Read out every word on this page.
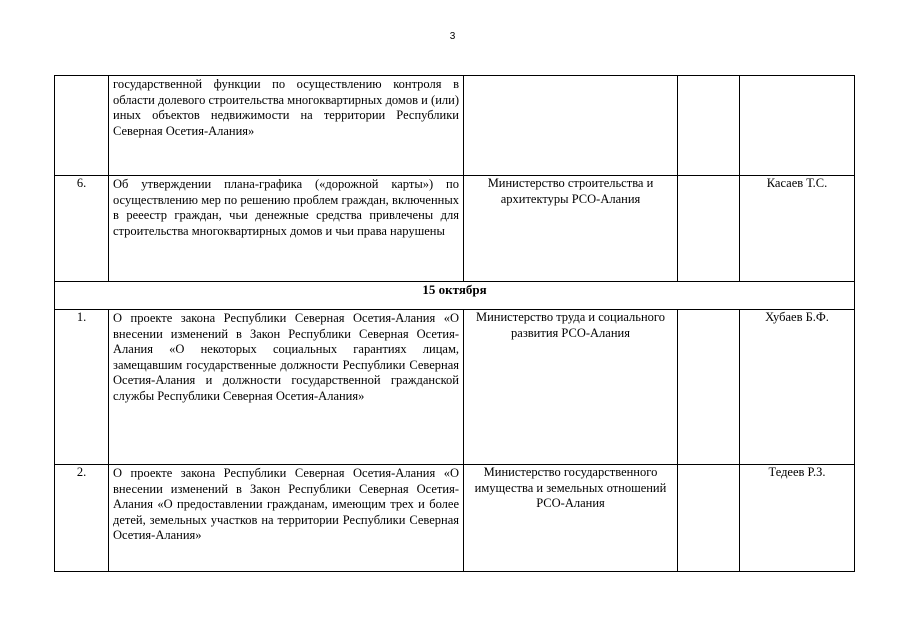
3

	государственной функции по осуществлению контроля в области долевого строительства многоквартирных домов и (или) иных объектов недвижимости на территории Республики Северная Осетия-Алания»			

6.	Об утверждении плана-графика («дорожной карты») по осуществлению мер по решению проблем граждан, включенных в рееестр граждан, чьи денежные средства привлечены для строительства многоквартирных домов и чьи права нарушены	Министерство строительства и архитектуры РСО-Алания		Касаев Т.С.
15 октября				
1.	О проекте закона Республики Северная Осетия-Алания «О внесении изменений в Закон Республики Северная Осетия-Алания «О некоторых социальных гарантиях лицам, замещавшим государственные должности Республики Северная Осетия-Алания и должности государственной гражданской службы Республики Северная Осетия-Алания»	Министерство труда и социального развития РСО-Алания		Хубаев Б.Ф.
2.	О проекте закона Республики Северная Осетия-Алания «О внесении изменений в Закон Республики Северная Осетия-Алания «О предоставлении гражданам, имеющим трех и более детей, земельных участков на территории Республики Северная Осетия-Алания»	Министерство государственного имущества и земельных отношений РСО-Алания		Тедеев Р.З.
